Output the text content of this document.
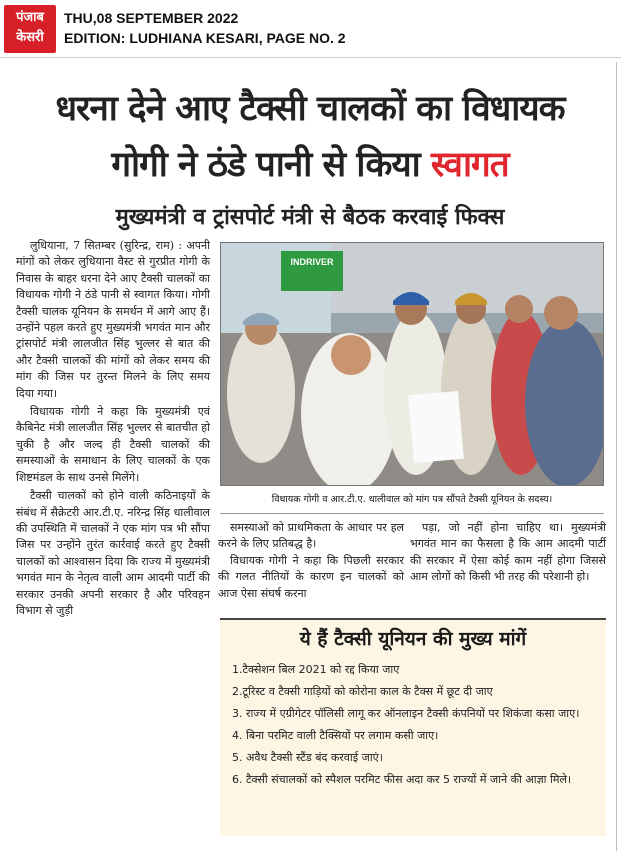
पंजाब
केसरी
THU,08 SEPTEMBER 2022
EDITION: LUDHIANA KESARI, PAGE NO. 2
धरना देने आए टैक्सी चालकों का विधायक
गोगी ने ठंडे पानी से किया स्वागत
मुख्यमंत्री व ट्रांसपोर्ट मंत्री से बैठक करवाई फिक्स

लुधियाना, 7 सितम्बर (सुरिन्द्र, राम) : अपनी मांगों को लेकर लुधियाना वैस्ट से गुरप्रीत गोगी के निवास के बाहर धरना देने आए टैक्सी चालकों का विधायक गोगी ने ठंडे पानी से स्वागत किया। गोगी टैक्सी चालक यूनियन के समर्थन में आगे आए हैं। उन्होंने पहल करते हुए मुख्यमंत्री भगवंत मान और ट्रांसपोर्ट मंत्री लालजीत सिंह भुल्लर से बात की और टैक्सी चालकों की मांगों को लेकर समय की मांग की जिस पर तुरन्त मिलने के लिए समय दिया गया।

विधायक गोगी ने कहा कि मुख्यमंत्री एवं कैबिनेट मंत्री लालजीत सिंह भुल्लर से बातचीत हो चुकी है और जल्द ही टैक्सी चालकों की समस्याओं के समाधान के लिए चालकों के एक शिष्टमंडल के साथ उनसे मिलेंगे।

टैक्सी चालकों को होने वाली कठिनाइयों के संबंध में सैक्रेटरी आर.टी.ए. नरिन्द्र सिंह धालीवाल की उपस्थिति में चालकों ने एक मांग पत्र भी सौंपा जिस पर उन्होंने तुरंत कार्रवाई करते हुए टैक्सी चालकों को आश्वासन दिया कि राज्य में मुख्यमंत्री भगवंत मान के नेतृत्व वाली आम आदमी पार्टी की सरकार उनकी अपनी सरकार है और परिवहन विभाग से जुड़ी

INDRIVER
विधायक गोगी व आर.टी.ए. धालीवाल को मांग पत्र सौंपते टैक्सी यूनियन के सदस्य।

समस्याओं को प्राथमिकता के आधार पर हल करने के लिए प्रतिबद्ध है।

विधायक गोगी ने कहा कि पिछली सरकार की गलत नीतियों के कारण इन चालकों को आज ऐसा संघर्ष करना

पड़ा, जो नहीं होना चाहिए था। मुख्यमंत्री भगवंत मान का फैसला है कि आम आदमी पार्टी की सरकार में ऐसा कोई काम नहीं होगा जिससे आम लोगों को किसी भी तरह की परेशानी हो।

ये हैं टैक्सी यूनियन की मुख्य मांगें
1.टैक्सेशन बिल 2021 को रद्द किया जाए
2.टूरिस्ट व टैक्सी गाड़ियों को कोरोना काल के टैक्स में छूट दी जाए
3. राज्य में एग्रीगेटर पॉलिसी लागू कर ऑनलाइन टैक्सी कंपनियों पर शिकंजा कसा जाए।
4. बिना परमिट वाली टैक्सियों पर लगाम कसी जाए।
5. अवैध टैक्सी स्टैंड बंद करवाई जाएं।
6. टैक्सी संचालकों को स्पैशल परमिट फीस अदा कर 5 राज्यों में जाने की आज्ञा मिले।
